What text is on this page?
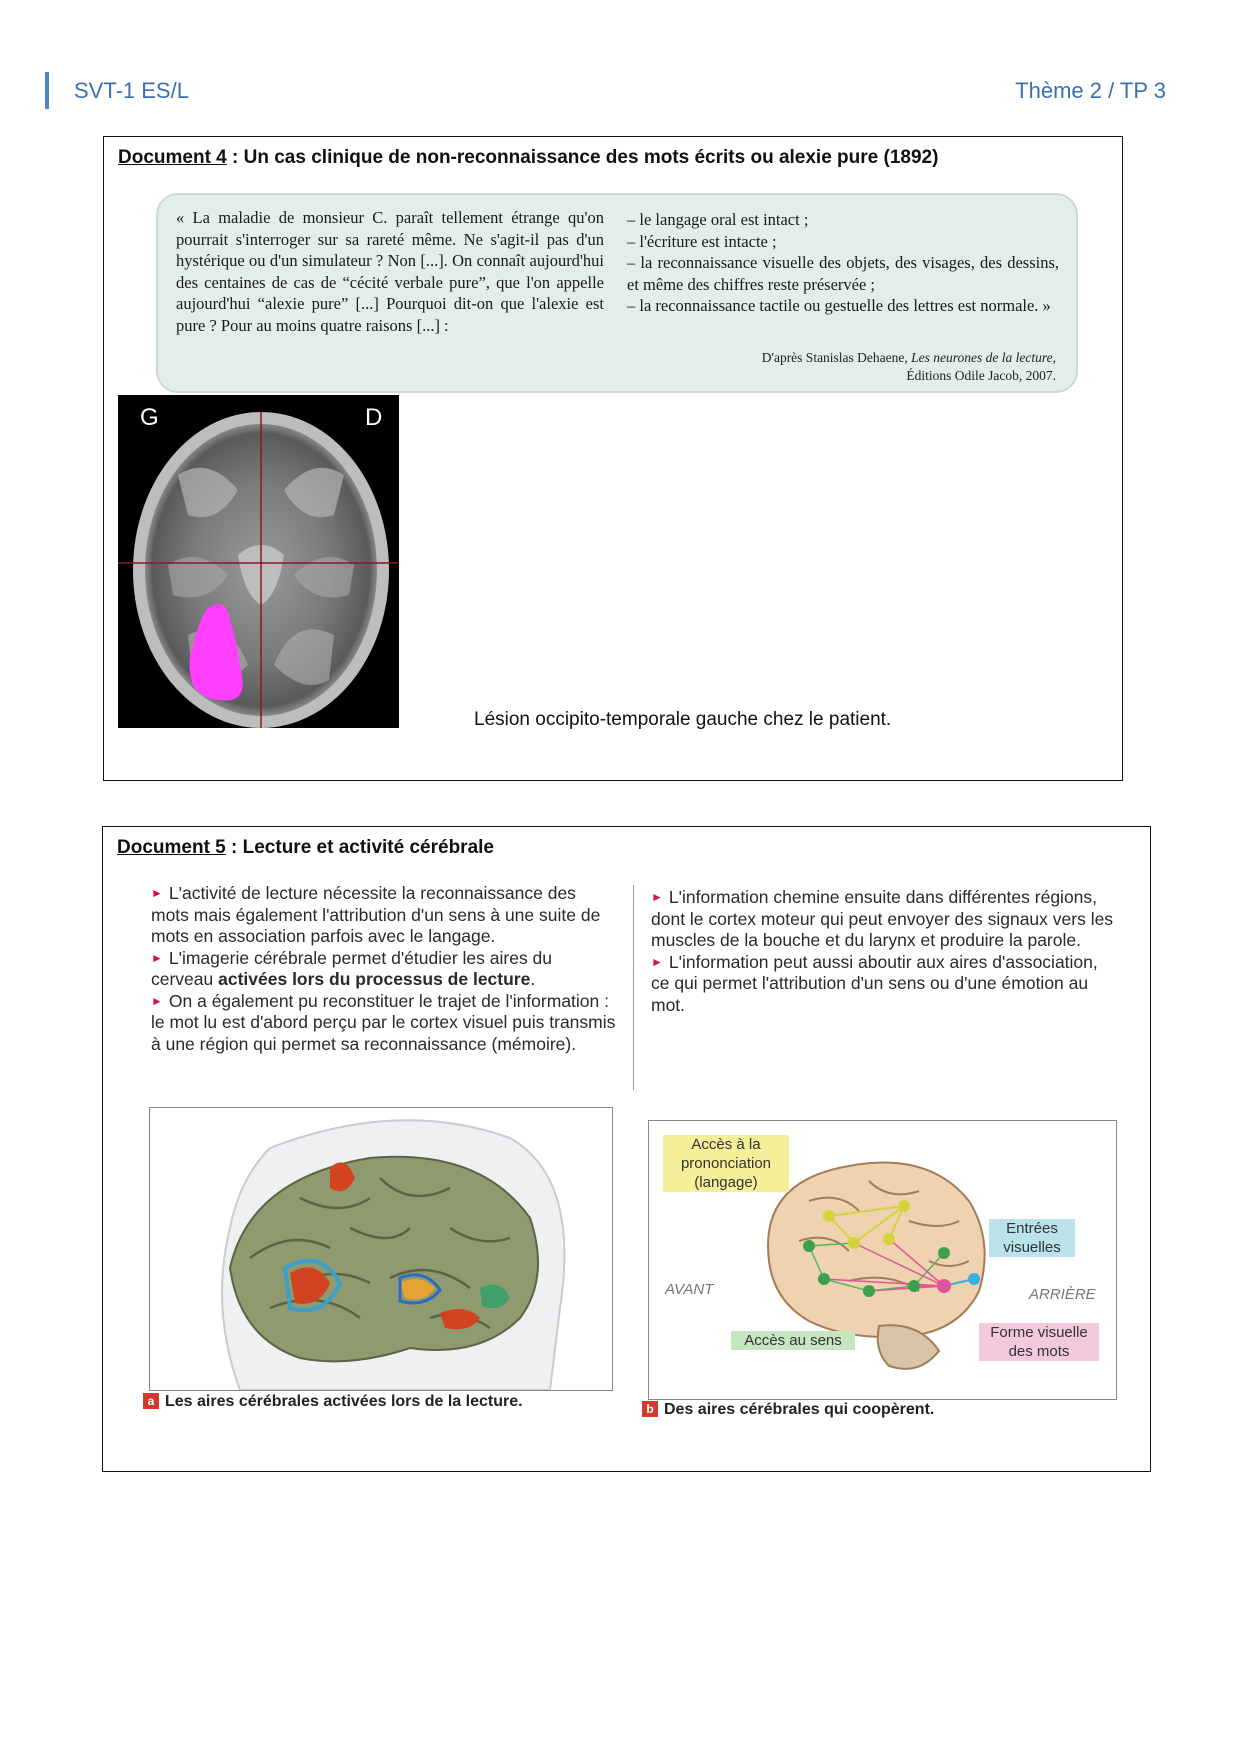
SVT-1 ES/L	Thème 2 / TP 3
Document 4 : Un cas clinique de non-reconnaissance des mots écrits ou alexie pure (1892)
« La maladie de monsieur C. paraît tellement étrange qu'on pourrait s'interroger sur sa rareté même. Ne s'agit-il pas d'un hystérique ou d'un simulateur ? Non [...]. On connaît aujourd'hui des centaines de cas de “cécité verbale pure”, que l'on appelle aujourd'hui “alexie pure” [...] Pourquoi dit-on que l'alexie est pure ? Pour au moins quatre raisons [...] :
– le langage oral est intact ;
– l'écriture est intacte ;
– la reconnaissance visuelle des objets, des visages, des dessins, et même des chiffres reste préservée ;
– la reconnaissance tactile ou gestuelle des lettres est normale. »
D'après Stanislas Dehaene, Les neurones de la lecture,
Éditions Odile Jacob, 2007.
G	D
Lésion occipito-temporale gauche chez le patient.
Document 5 : Lecture et activité cérébrale

► L'activité de lecture nécessite la reconnaissance des mots mais également l'attribution d'un sens à une suite de mots en association parfois avec le langage.

► L'imagerie cérébrale permet d'étudier les aires du cerveau activées lors du processus de lecture.

► On a également pu reconstituer le trajet de l'information : le mot lu est d'abord perçu par le cortex visuel puis transmis à une région qui permet sa reconnaissance (mémoire).

► L'information chemine ensuite dans différentes régions, dont le cortex moteur qui peut envoyer des signaux vers les muscles de la bouche et du larynx et produire la parole.

► L'information peut aussi aboutir aux aires d'association, ce qui permet l'attribution d'un sens ou d'une émotion au mot.

a Les aires cérébrales activées lors de la lecture.
Accès à la prononciation (langage)
Entrées visuelles
AVANT	ARRIÈRE
Accès au sens	Forme visuelle des mots
b Des aires cérébrales qui coopèrent.
